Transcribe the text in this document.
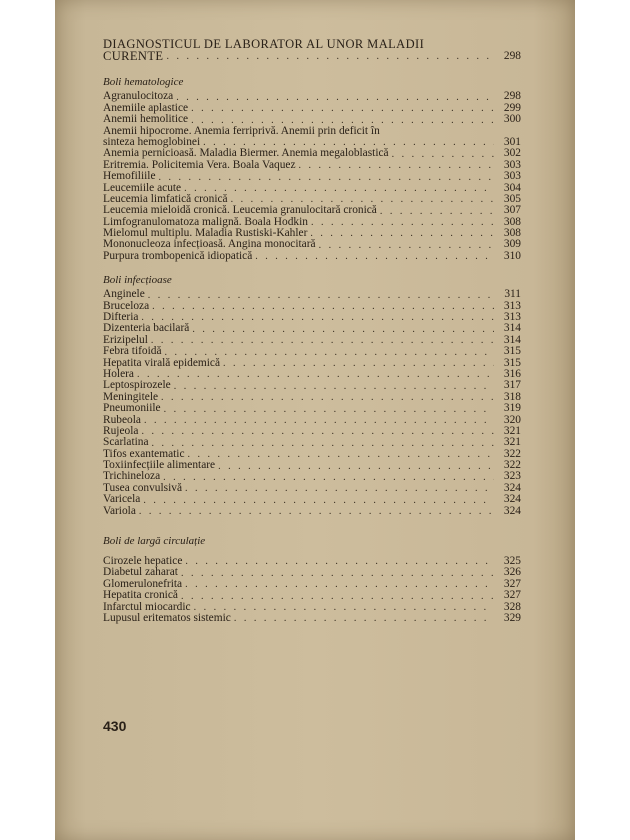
DIAGNOSTICUL DE LABORATOR AL UNOR MALADII
CURENTE . . .	298
Boli hematologice
Agranulocitoza . . .	298
Anemiile aplastice . . .	299
Anemii hemolitice . . .	300
Anemii hipocrome. Anemia ferriprivă. Anemii prin deficit în
sinteza hemoglobinei . . .	301
Anemia pernicioasă. Maladia Biermer. Anemia megaloblastică . . .	302
Eritremia. Policitemia Vera. Boala Vaquez . . .	303
Hemofiliile . . .	303
Leucemiile acute . . .	304
Leucemia limfatică cronică . . .	305
Leucemia mieloidă cronică. Leucemia granulocitară cronică . . .	307
Limfogranulomatoza malignă. Boala Hodkin . . .	308
Mielomul multiplu. Maladia Rustiski-Kahler . . .	308
Mononucleoza infecțioasă. Angina monocitară . . .	309
Purpura trombopenică idiopatică . . .	310
Boli infecțioase
Anginele . . .	311
Bruceloza . . .	313
Difteria . . .	313
Dizenteria bacilară . . .	314
Erizipelul . . .	314
Febra tifoidă . . .	315
Hepatita virală epidemică . . .	315
Holera . . .	316
Leptospirozele . . .	317
Meningitele . . .	318
Pneumoniile . . .	319
Rubeola . . .	320
Rujeola . . .	321
Scarlatina . . .	321
Tifos exantematic . . .	322
Toxiinfecțiile alimentare . . .	322
Trichineloza . . .	323
Tusea convulsivă . . .	324
Varicela . . .	324
Variola . . .	324
Boli de largă circulație
Cirozele hepatice . . .	325
Diabetul zaharat . . .	326
Glomerulonefrita . . .	327
Hepatita cronică . . .	327
Infarctul miocardic . . .	328
Lupusul eritematos sistemic . . .	329
430
